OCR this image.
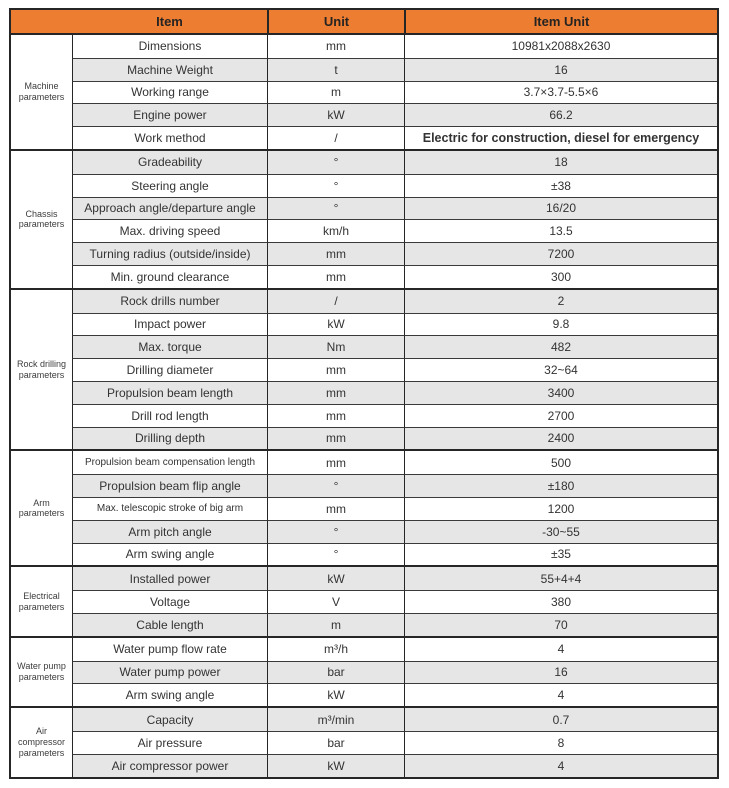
Item	Unit	Item Unit
Machine parameters
Dimensions	mm	10981x2088x2630
Machine Weight	t	16
Working range	m	3.7×3.7-5.5×6
Engine power	kW	66.2
Work method	/	Electric for construction, diesel for emergency
Chassis parameters
Gradeability	°	18
Steering angle	°	±38
Approach angle/departure angle	°	16/20
Max. driving speed	km/h	13.5
Turning radius (outside/inside)	mm	7200
Min. ground clearance	mm	300
Rock drilling parameters
Rock drills number	/	2
Impact power	kW	9.8
Max. torque	Nm	482
Drilling diameter	mm	32~64
Propulsion beam length	mm	3400
Drill rod length	mm	2700
Drilling depth	mm	2400
Arm parameters
Propulsion beam compensation length	mm	500
Propulsion beam flip angle	°	±180
Max. telescopic stroke of big arm	mm	1200
Arm pitch angle	°	-30~55
Arm swing angle	°	±35
Electrical parameters
Installed power	kW	55+4+4
Voltage	V	380
Cable length	m	70
Water pump parameters
Water pump flow rate	m³/h	4
Water pump power	bar	16
Arm swing angle	kW	4
Air compressor parameters
Capacity	m³/min	0.7
Air pressure	bar	8
Air compressor power	kW	4
